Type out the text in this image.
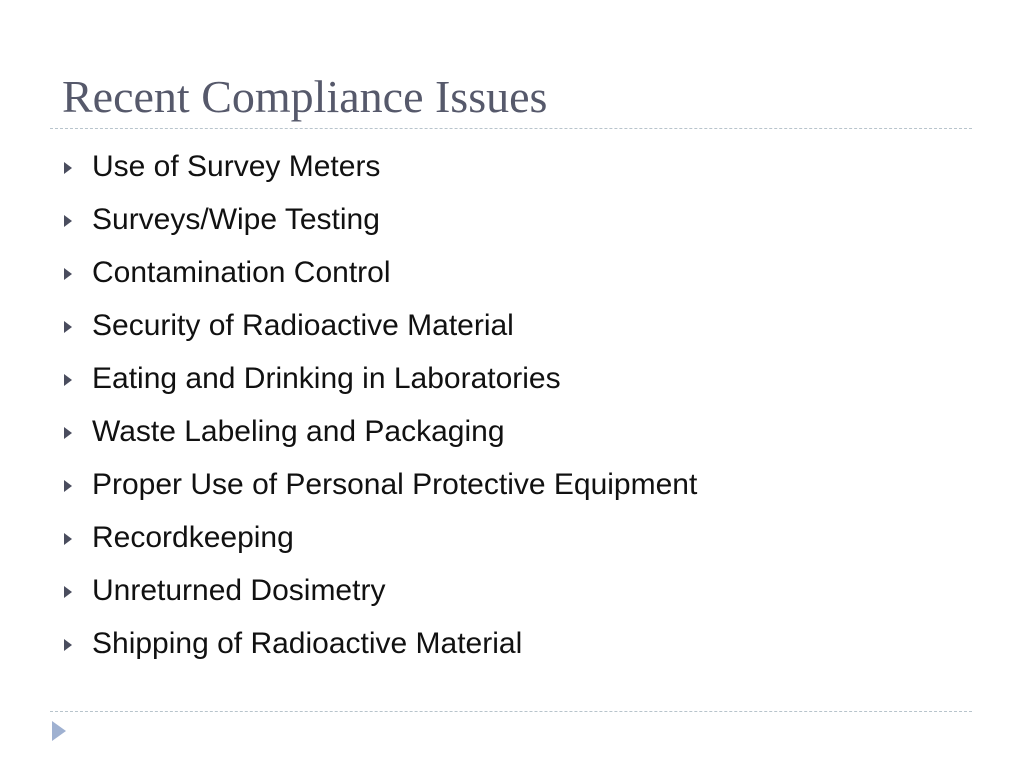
Recent Compliance Issues
Use of Survey Meters
Surveys/Wipe Testing
Contamination Control
Security of Radioactive Material
Eating and Drinking in Laboratories
Waste Labeling and Packaging
Proper Use of Personal Protective Equipment
Recordkeeping
Unreturned Dosimetry
Shipping of Radioactive Material
